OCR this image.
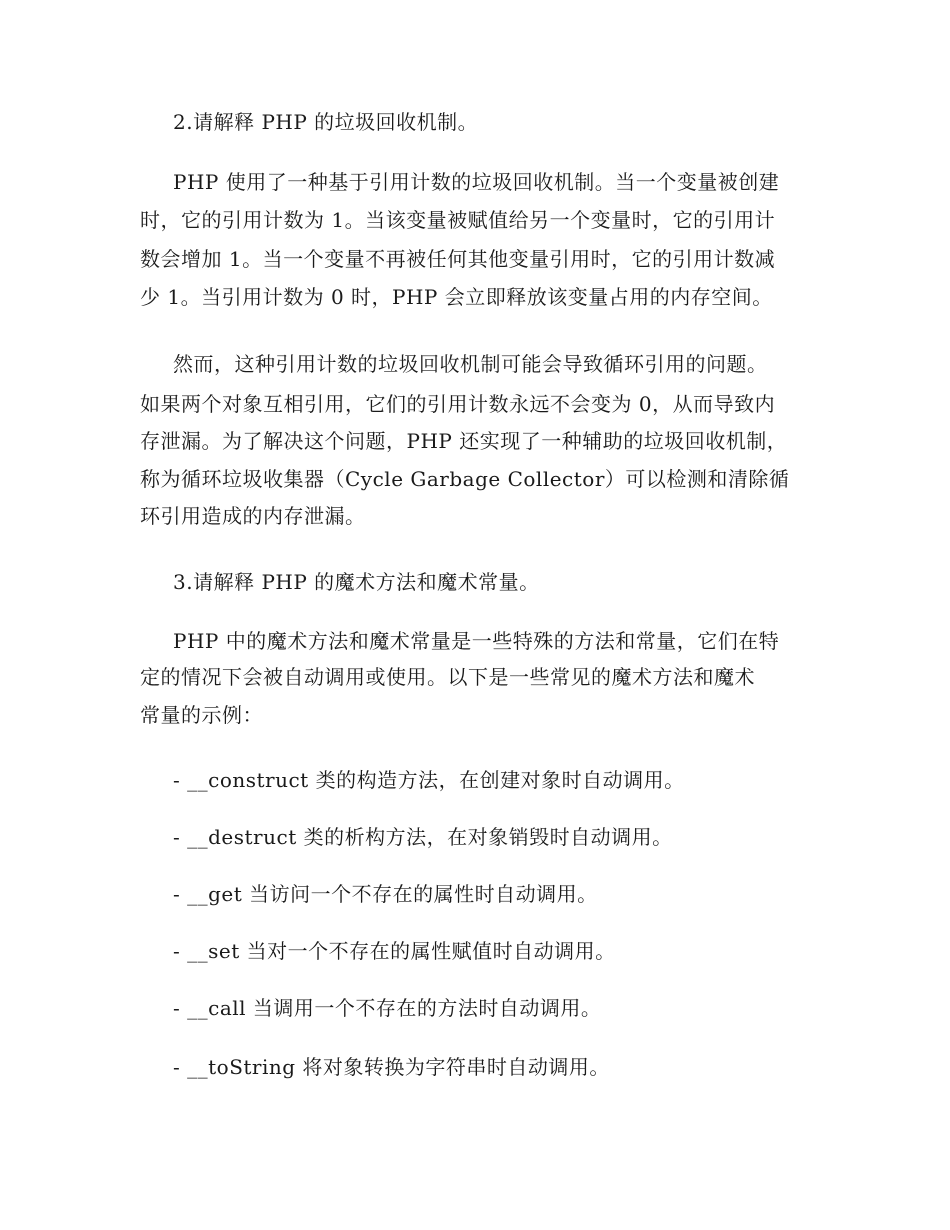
2.请解释 PHP 的垃圾回收机制。
PHP 使用了一种基于引用计数的垃圾回收机制。当一个变量被创建
时，它的引用计数为 1。当该变量被赋值给另一个变量时，它的引用计
数会增加 1。当一个变量不再被任何其他变量引用时，它的引用计数减
少 1。当引用计数为 0 时，PHP 会立即释放该变量占用的内存空间。
然而，这种引用计数的垃圾回收机制可能会导致循环引用的问题。
如果两个对象互相引用，它们的引用计数永远不会变为 0，从而导致内
存泄漏。为了解决这个问题，PHP 还实现了一种辅助的垃圾回收机制，
称为循环垃圾收集器（Cycle Garbage Collector）可以检测和清除循
环引用造成的内存泄漏。
3.请解释 PHP 的魔术方法和魔术常量。
PHP 中的魔术方法和魔术常量是一些特殊的方法和常量，它们在特
定的情况下会被自动调用或使用。以下是一些常见的魔术方法和魔术
常量的示例：
- __construct 类的构造方法，在创建对象时自动调用。
- __destruct 类的析构方法，在对象销毁时自动调用。
- __get 当访问一个不存在的属性时自动调用。
- __set 当对一个不存在的属性赋值时自动调用。
- __call 当调用一个不存在的方法时自动调用。
- __toString 将对象转换为字符串时自动调用。
